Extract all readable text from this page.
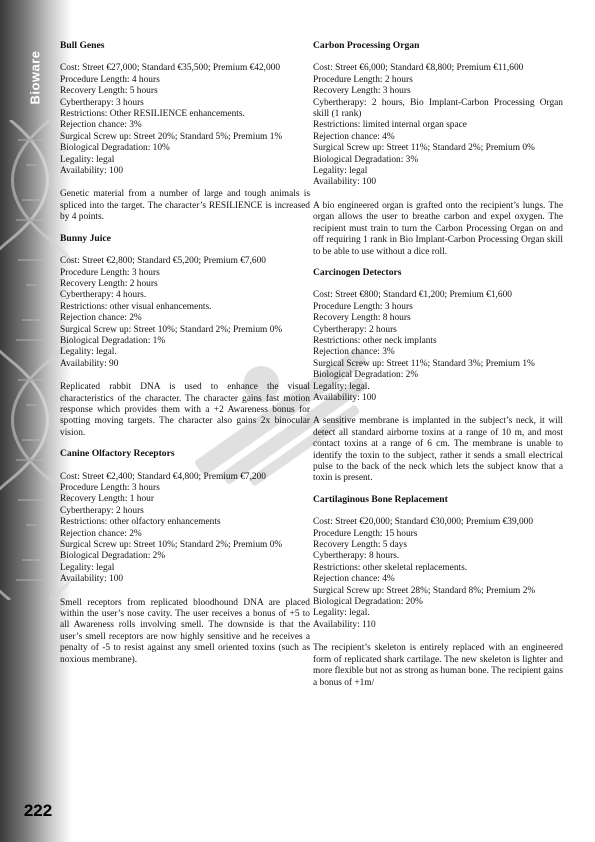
Bioware
222
Bull Genes
Cost: Street €27,000; Standard €35,500; Premium €42,000
Procedure Length: 4 hours
Recovery Length: 5 hours
Cybertherapy: 3 hours
Restrictions: Other RESILIENCE enhancements.
Rejection chance: 3%
Surgical Screw up: Street 20%; Standard 5%; Premium 1%
Biological Degradation: 10%
Legality: legal
Availability: 100
Genetic material from a number of large and tough animals is spliced into the target. The character’s RESILIENCE is increased by 4 points.
Bunny Juice
Cost: Street €2,800; Standard €5,200; Premium €7,600
Procedure Length: 3 hours
Recovery Length: 2 hours
Cybertherapy: 4 hours.
Restrictions: other visual enhancements.
Rejection chance: 2%
Surgical Screw up: Street 10%; Standard 2%; Premium 0%
Biological Degradation: 1%
Legality: legal.
Availability: 90
Replicated rabbit DNA is used to enhance the visual characteristics of the character. The character gains fast motion response which provides them with a +2 Awareness bonus for spotting moving targets. The character also gains 2x binocular vision.
Canine Olfactory Receptors
Cost: Street €2,400; Standard €4,800; Premium €7,200
Procedure Length: 3 hours
Recovery Length: 1 hour
Cybertherapy: 2 hours
Restrictions: other olfactory enhancements
Rejection chance: 2%
Surgical Screw up: Street 10%; Standard 2%; Premium 0%
Biological Degradation: 2%
Legality: legal
Availability: 100
Smell receptors from replicated bloodhound DNA are placed within the user’s nose cavity. The user receives a bonus of +5 to all Awareness rolls involving smell. The downside is that the user’s smell receptors are now highly sensitive and he receives a penalty of -5 to resist against any smell oriented toxins (such as noxious membrane).
Carbon Processing Organ
Cost: Street €6,000; Standard €8,800; Premium €11,600
Procedure Length: 2 hours
Recovery Length: 3 hours
Cybertherapy: 2 hours, Bio Implant-Carbon Processing Organ skill (1 rank)
Restrictions: limited internal organ space
Rejection chance: 4%
Surgical Screw up: Street 11%; Standard 2%; Premium 0%
Biological Degradation: 3%
Legality: legal
Availability: 100
A bio engineered organ is grafted onto the recipient’s lungs. The organ allows the user to breathe carbon and expel oxygen. The recipient must train to turn the Carbon Processing Organ on and off requiring 1 rank in Bio Implant-Carbon Processing Organ skill to be able to use without a dice roll.
Carcinogen Detectors
Cost: Street €800; Standard €1,200; Premium €1,600
Procedure Length: 3 hours
Recovery Length: 8 hours
Cybertherapy: 2 hours
Restrictions: other neck implants
Rejection chance: 3%
Surgical Screw up: Street 11%; Standard 3%; Premium 1%
Biological Degradation: 2%
Legality: legal.
Availability: 100
A sensitive membrane is implanted in the subject’s neck, it will detect all standard airborne toxins at a range of 10 m, and most contact toxins at a range of 6 cm. The membrane is unable to identify the toxin to the subject, rather it sends a small electrical pulse to the back of the neck which lets the subject know that a toxin is present.
Cartilaginous Bone Replacement
Cost: Street €20,000; Standard €30,000; Premium €39,000
Procedure Length: 15 hours
Recovery Length: 5 days
Cybertherapy: 8 hours.
Restrictions: other skeletal replacements.
Rejection chance: 4%
Surgical Screw up: Street 28%; Standard 8%; Premium 2%
Biological Degradation: 20%
Legality: legal.
Availability: 110
The recipient’s skeleton is entirely replaced with an engineered form of replicated shark cartilage. The new skeleton is lighter and more flexible but not as strong as human bone. The recipient gains a bonus of +1m/
